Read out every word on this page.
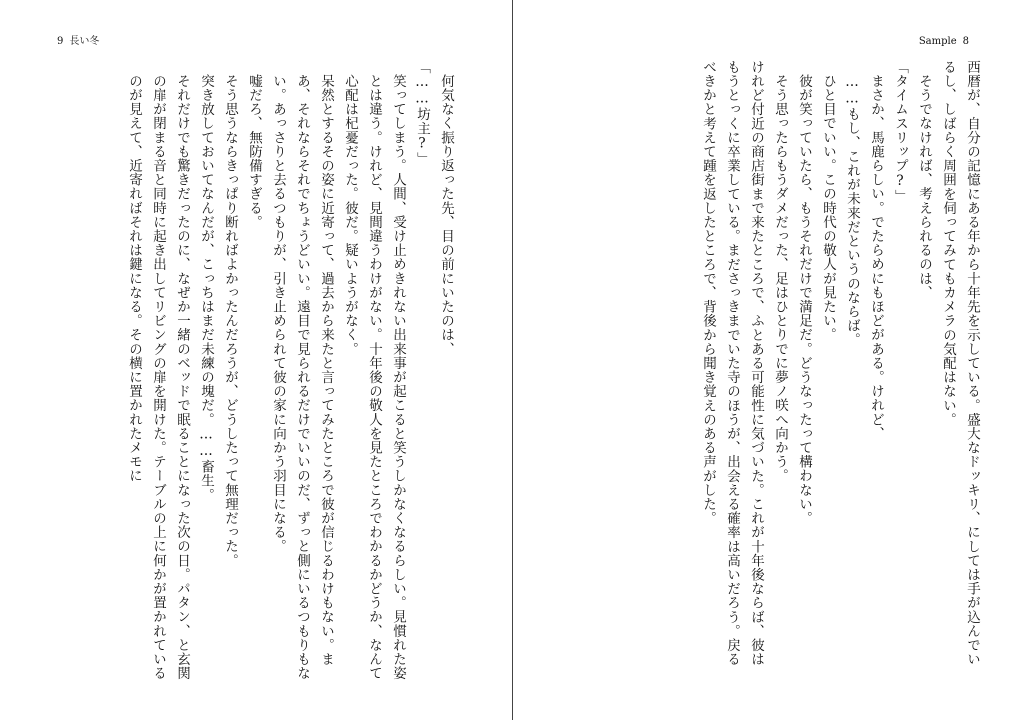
9 長い冬

何気なく振り返った先、目の前にいたのは、

「……坊主?」

笑ってしまう。人間、受け止めきれない出来事が起こると笑うしかなくなるらしい。見慣れた姿とは違う。けれど、見間違うわけがない。十年後の敬人を見たところでわかるかどうか、なんて心配は杞憂だった。彼だ。疑いようがなく。

呆然とするその姿に近寄って、過去から来たと言ってみたところで彼が信じるわけもない。まあ、それならそれでちょうどいい。遠目で見られるだけでいいのだ、ずっと側にいるつもりもない。あっさりと去るつもりが、引き止められて彼の家に向かう羽目になる。

嘘だろ、無防備すぎる。

そう思うならきっぱり断ればよかったんだろうが、どうしたって無理だった。

突き放しておいてなんだが、こっちはまだ未練の塊だ。……畜生。

それだけでも驚きだったのに、なぜか一緒のベッドで眠ることになった次の日。パタン、と玄関の扉が閉まる音と同時に起き出してリビングの扉を開けた。テーブルの上に何かが置かれているのが見えて、近寄ればそれは鍵になる。その横に置かれたメモに

Sample 8

西暦が、自分の記憶にある年から十年先を示している。盛大なドッキリ、にしては手が込んでいるし、しばらく周囲を伺ってみてもカメラの気配はない。

そうでなければ、考えられるのは、

「タイムスリップ?」

まさか、馬鹿らしい。でたらめにもほどがある。けれど、

……もし、これが未来だというのならば。

ひと目でいい。この時代の敬人が見たい。

彼が笑っていたら、もうそれだけで満足だ。どうなったって構わない。

そう思ったらもうダメだった、足はひとりでに夢ノ咲へ向かう。

けれど付近の商店街まで来たところで、ふとある可能性に気づいた。これが十年後ならば、彼はもうとっくに卒業している。まださっきまでいた寺のほうが、出会える確率は高いだろう。戻るべきかと考えて踵を返したところで、背後から聞き覚えのある声がした。
